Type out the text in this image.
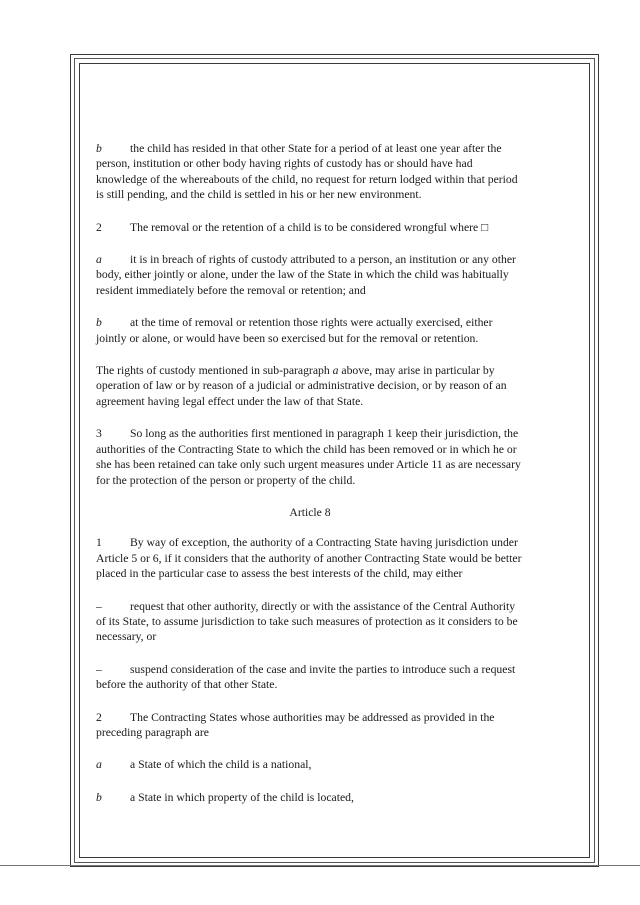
b the child has resided in that other State for a period of at least one year after the person, institution or other body having rights of custody has or should have had knowledge of the whereabouts of the child, no request for return lodged within that period is still pending, and the child is settled in his or her new environment.

2 The removal or the retention of a child is to be considered wrongful where □

a it is in breach of rights of custody attributed to a person, an institution or any other body, either jointly or alone, under the law of the State in which the child was habitually resident immediately before the removal or retention; and

b at the time of removal or retention those rights were actually exercised, either jointly or alone, or would have been so exercised but for the removal or retention.

The rights of custody mentioned in sub-paragraph a above, may arise in particular by operation of law or by reason of a judicial or administrative decision, or by reason of an agreement having legal effect under the law of that State.

3 So long as the authorities first mentioned in paragraph 1 keep their jurisdiction, the authorities of the Contracting State to which the child has been removed or in which he or she has been retained can take only such urgent measures under Article 11 as are necessary for the protection of the person or property of the child.

Article 8

1 By way of exception, the authority of a Contracting State having jurisdiction under Article 5 or 6, if it considers that the authority of another Contracting State would be better placed in the particular case to assess the best interests of the child, may either

– request that other authority, directly or with the assistance of the Central Authority of its State, to assume jurisdiction to take such measures of protection as it considers to be necessary, or

– suspend consideration of the case and invite the parties to introduce such a request before the authority of that other State.

2 The Contracting States whose authorities may be addressed as provided in the preceding paragraph are

a a State of which the child is a national,

b a State in which property of the child is located,
